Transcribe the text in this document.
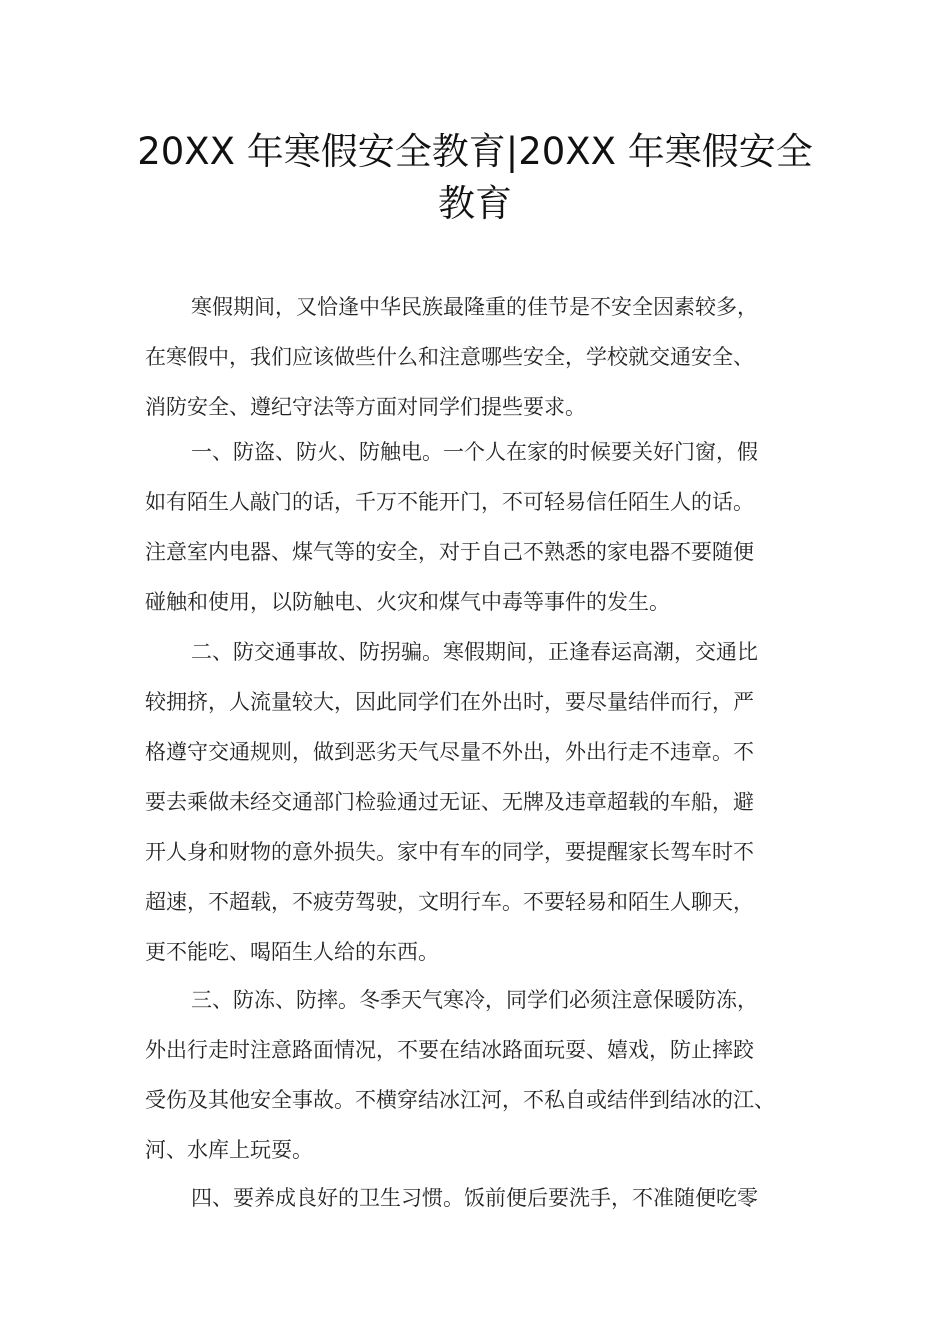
20XX 年寒假安全教育|20XX 年寒假安全
教育
寒假期间，又恰逢中华民族最隆重的佳节是不安全因素较多，
在寒假中，我们应该做些什么和注意哪些安全，学校就交通安全、
消防安全、遵纪守法等方面对同学们提些要求。
一、防盗、防火、防触电。一个人在家的时候要关好门窗，假
如有陌生人敲门的话，千万不能开门，不可轻易信任陌生人的话。
注意室内电器、煤气等的安全，对于自己不熟悉的家电器不要随便
碰触和使用，以防触电、火灾和煤气中毒等事件的发生。
二、防交通事故、防拐骗。寒假期间，正逢春运高潮，交通比
较拥挤，人流量较大，因此同学们在外出时，要尽量结伴而行，严
格遵守交通规则，做到恶劣天气尽量不外出，外出行走不违章。不
要去乘做未经交通部门检验通过无证、无牌及违章超载的车船，避
开人身和财物的意外损失。家中有车的同学，要提醒家长驾车时不
超速，不超载，不疲劳驾驶，文明行车。不要轻易和陌生人聊天，
更不能吃、喝陌生人给的东西。
三、防冻、防摔。冬季天气寒冷，同学们必须注意保暖防冻，
外出行走时注意路面情况，不要在结冰路面玩耍、嬉戏，防止摔跤
受伤及其他安全事故。不横穿结冰江河，不私自或结伴到结冰的江、
河、水库上玩耍。
四、要养成良好的卫生习惯。饭前便后要洗手，不准随便吃零
